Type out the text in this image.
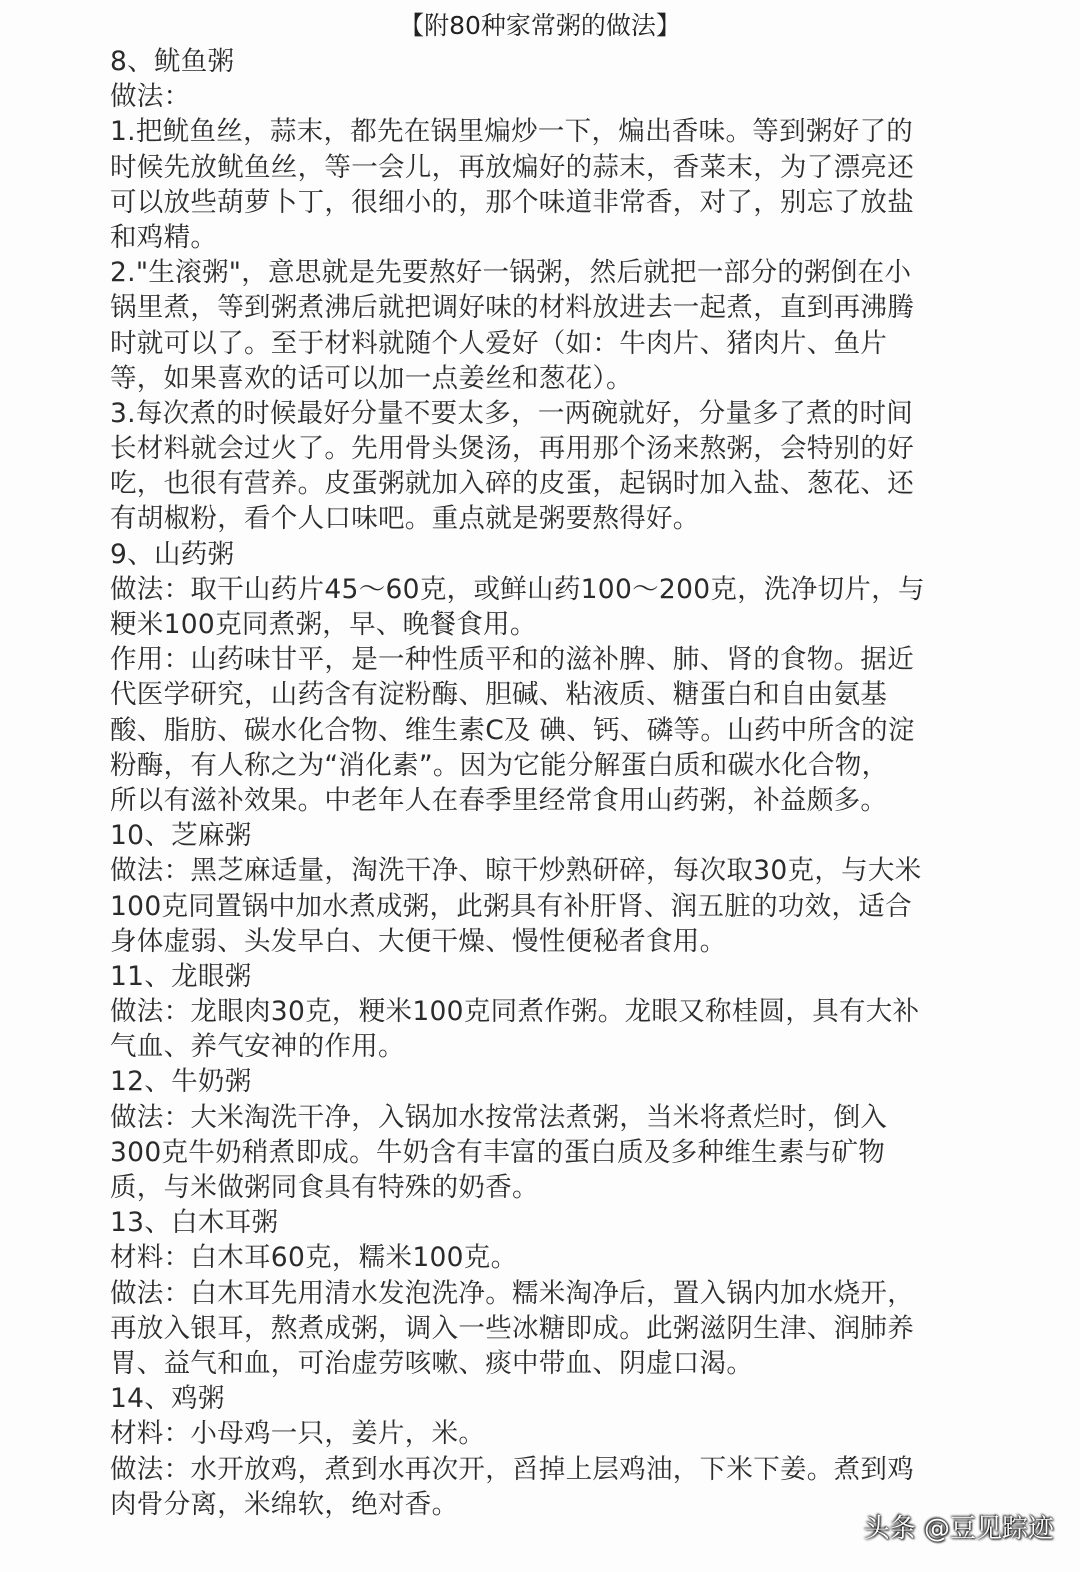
【附80种家常粥的做法】
8、鱿鱼粥
做法：
1.把鱿鱼丝，蒜末，都先在锅里煸炒一下，煸出香味。等到粥好了的
时候先放鱿鱼丝，等一会儿，再放煸好的蒜末，香菜末，为了漂亮还
可以放些葫萝卜丁，很细小的，那个味道非常香，对了，别忘了放盐
和鸡精。
2."生滚粥"，意思就是先要熬好一锅粥，然后就把一部分的粥倒在小
锅里煮，等到粥煮沸后就把调好味的材料放进去一起煮，直到再沸腾
时就可以了。至于材料就随个人爱好（如：牛肉片、猪肉片、鱼片
等，如果喜欢的话可以加一点姜丝和葱花）。
3.每次煮的时候最好分量不要太多，一两碗就好，分量多了煮的时间
长材料就会过火了。先用骨头煲汤，再用那个汤来熬粥，会特别的好
吃，也很有营养。皮蛋粥就加入碎的皮蛋，起锅时加入盐、葱花、还
有胡椒粉，看个人口味吧。重点就是粥要熬得好。
9、山药粥
做法：取干山药片45～60克，或鲜山药100～200克，洗净切片，与
粳米100克同煮粥，早、晚餐食用。
作用：山药味甘平，是一种性质平和的滋补脾、肺、肾的食物。据近
代医学研究，山药含有淀粉酶、胆碱、粘液质、糖蛋白和自由氨基
酸、脂肪、碳水化合物、维生素C及 碘、钙、磷等。山药中所含的淀
粉酶，有人称之为“消化素”。因为它能分解蛋白质和碳水化合物，
所以有滋补效果。中老年人在春季里经常食用山药粥，补益颇多。
10、芝麻粥
做法：黑芝麻适量，淘洗干净、晾干炒熟研碎，每次取30克，与大米
100克同置锅中加水煮成粥，此粥具有补肝肾、润五脏的功效，适合
身体虚弱、头发早白、大便干燥、慢性便秘者食用。
11、龙眼粥
做法：龙眼肉30克，粳米100克同煮作粥。龙眼又称桂圆，具有大补
气血、养气安神的作用。
12、牛奶粥
做法：大米淘洗干净，入锅加水按常法煮粥，当米将煮烂时，倒入
300克牛奶稍煮即成。牛奶含有丰富的蛋白质及多种维生素与矿物
质，与米做粥同食具有特殊的奶香。
13、白木耳粥
材料：白木耳60克，糯米100克。
做法：白木耳先用清水发泡洗净。糯米淘净后，置入锅内加水烧开，
再放入银耳，熬煮成粥，调入一些冰糖即成。此粥滋阴生津、润肺养
胃、益气和血，可治虚劳咳嗽、痰中带血、阴虚口渴。
14、鸡粥
材料：小母鸡一只，姜片，米。
做法：水开放鸡，煮到水再次开，舀掉上层鸡油，下米下姜。煮到鸡
肉骨分离，米绵软，绝对香。
头条 @豆见踪迹
